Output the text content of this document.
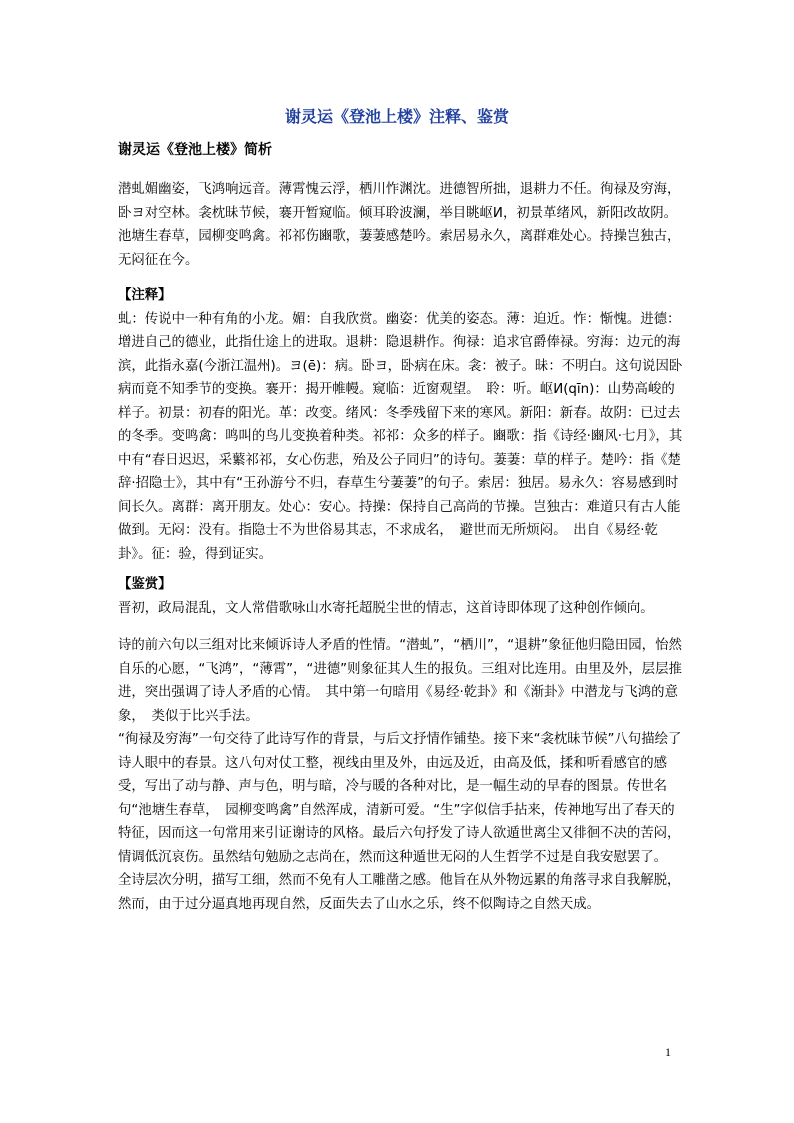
谢灵运《登池上楼》注释、鉴赏
谢灵运《登池上楼》简析

潜虬媚幽姿，飞鸿响远音。薄霄愧云浮，栖川怍渊沈。进德智所拙，退耕力不任。徇禄及穷海，卧ヨ对空林。衾枕昧节候，褰开暂窥临。倾耳聆波澜，举目眺岖И，初景革绪风，新阳改故阴。池塘生春草，园柳变鸣禽。祁祁伤豳歌，萋萋感楚吟。索居易永久，离群难处心。持操岂独古，无闷征在今。

【注释】

虬：传说中一种有角的小龙。媚：自我欣赏。幽姿：优美的姿态。薄：迫近。怍：惭愧。进德：增进自己的德业，此指仕途上的进取。退耕：隐退耕作。徇禄：追求官爵俸禄。穷海：边元的海滨，此指永嘉(今浙江温州)。ヨ(ē)：病。卧ヨ，卧病在床。衾：被子。昧：不明白。这句说因卧病而竟不知季节的变换。褰开：揭开帷幔。窥临：近窗观望。　聆：听。岖И(qīn)：山势高峻的样子。初景：初春的阳光。革：改变。绪风：冬季残留下来的寒风。新阳：新春。故阴：已过去的冬季。变鸣禽：鸣叫的鸟儿变换着种类。祁祁：众多的样子。豳歌：指《诗经·豳风·七月》，其中有“春日迟迟，采蘩祁祁，女心伤悲，殆及公子同归”的诗句。萋萋：草的样子。楚吟：指《楚辞·招隐士》，其中有“王孙游兮不归，春草生兮萋萋”的句子。索居：独居。易永久：容易感到时间长久。离群：离开朋友。处心：安心。持操：保持自己高尚的节操。岂独古：难道只有古人能做到。无闷：没有。指隐士不为世俗易其志，不求成名，　避世而无所烦闷。　出自《易经·乾卦》。征：验，得到证实。

【鉴赏】

晋初，政局混乱，文人常借歌咏山水寄托超脱尘世的情志，这首诗即体现了这种创作倾向。

诗的前六句以三组对比来倾诉诗人矛盾的性情。“潜虬”，“栖川”，“退耕”象征他归隐田园，怡然自乐的心愿，“飞鸿”，“薄霄”，“进德”则象征其人生的报负。三组对比连用。由里及外，层层推进，突出强调了诗人矛盾的心情。　其中第一句暗用《易经·乾卦》和《渐卦》中潜龙与飞鸿的意象，　类似于比兴手法。

“徇禄及穷海”一句交待了此诗写作的背景，与后文抒情作铺垫。接下来“衾枕昧节候”八句描绘了诗人眼中的春景。这八句对仗工整，视线由里及外，由远及近，由高及低，揉和听看感官的感受，写出了动与静、声与色，明与暗，冷与暖的各种对比，是一幅生动的早春的图景。传世名句“池塘生春草，　园柳变鸣禽”自然浑成，清新可爱。“生”字似信手拈来，传神地写出了春天的特征，因而这一句常用来引证谢诗的风格。最后六句抒发了诗人欲遁世离尘又徘徊不决的苦闷，情调低沉哀伤。虽然结句勉励之志尚在，然而这种遁世无闷的人生哲学不过是自我安慰罢了。

全诗层次分明，描写工细，然而不免有人工雕凿之感。他旨在从外物远累的角落寻求自我解脱，然而，由于过分逼真地再现自然，反面失去了山水之乐，终不似陶诗之自然天成。

1
